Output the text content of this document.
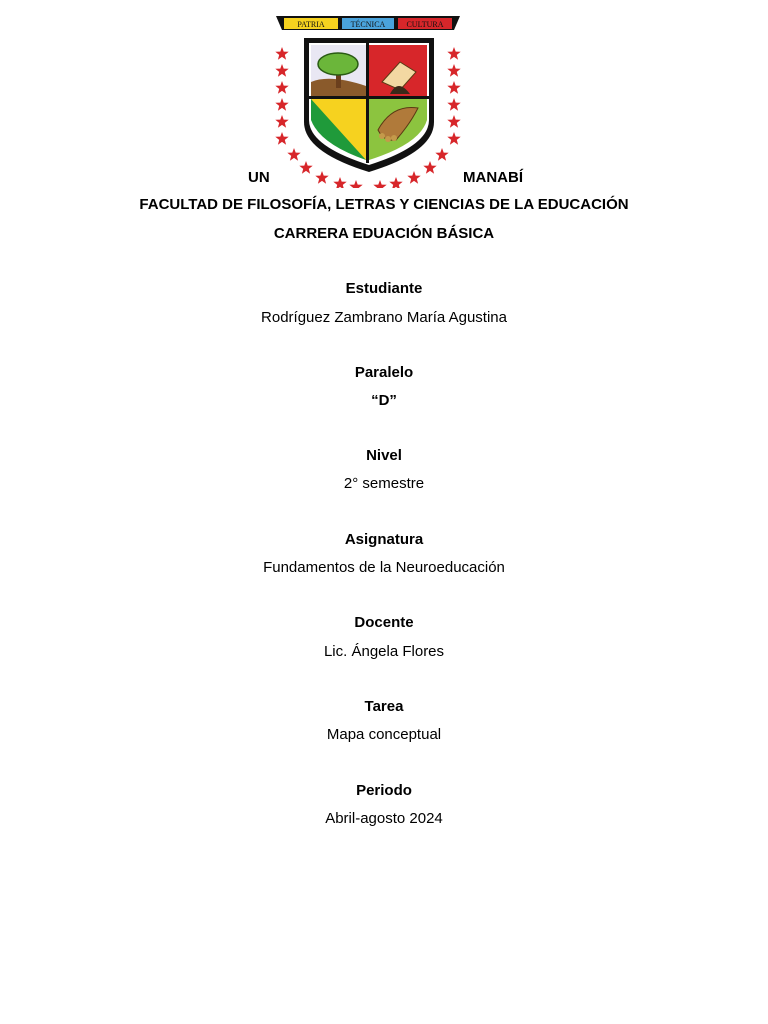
PATRIA	TÉCNICA	CULTURA
UN	MANABÍ
FACULTAD DE FILOSOFÍA, LETRAS Y CIENCIAS DE LA EDUCACIÓN
CARRERA EDUACIÓN BÁSICA
Estudiante
Rodríguez Zambrano María Agustina
Paralelo
“D”
Nivel
2° semestre
Asignatura
Fundamentos de la Neuroeducación
Docente
Lic. Ángela Flores
Tarea
Mapa conceptual
Periodo
Abril-agosto 2024
